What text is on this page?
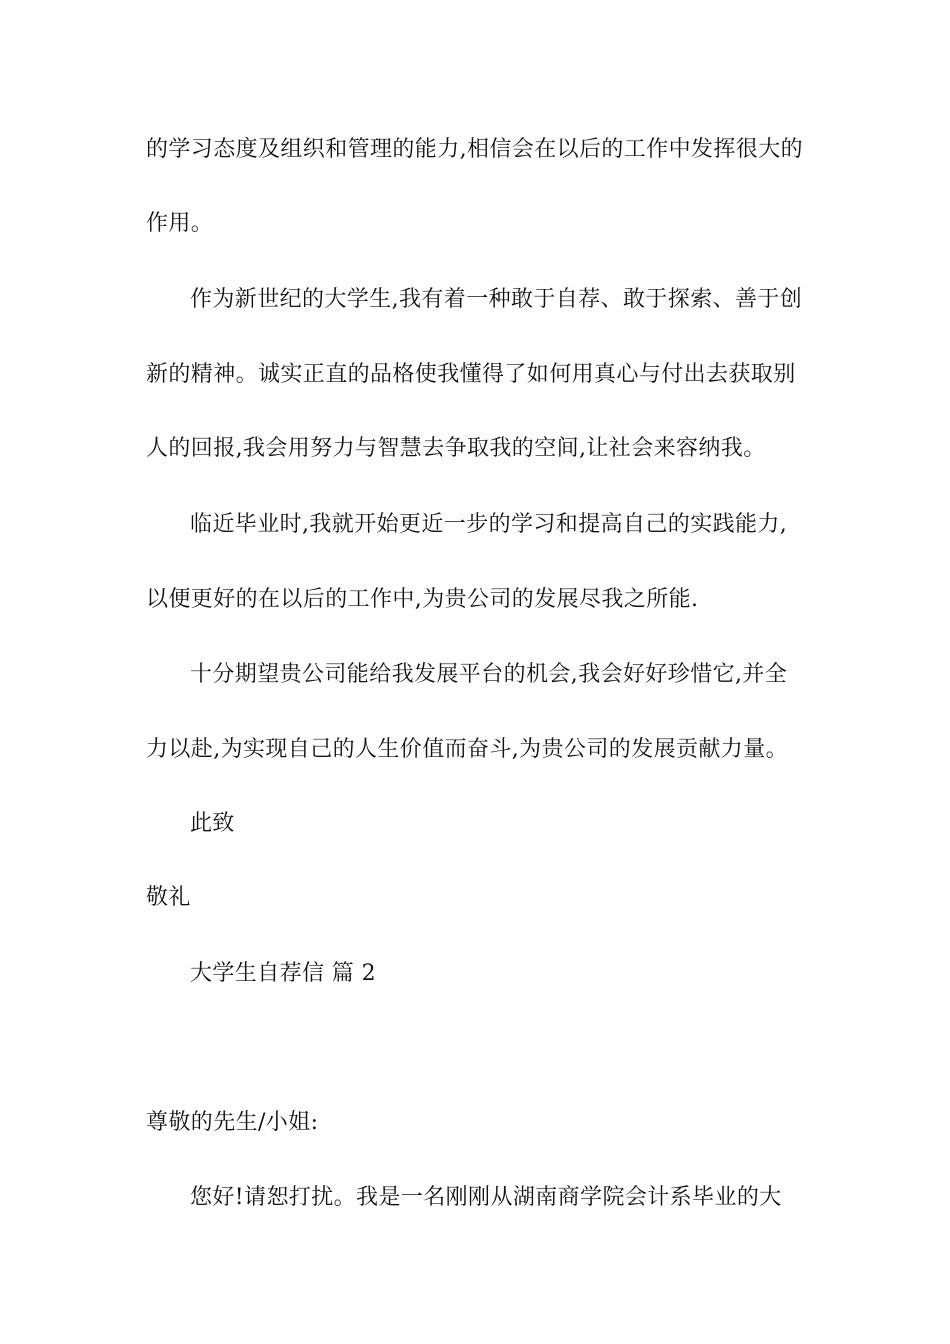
的学习态度及组织和管理的能力,相信会在以后的工作中发挥很大的
作用。
作为新世纪的大学生,我有着一种敢于自荐、敢于探索、善于创
新的精神。诚实正直的品格使我懂得了如何用真心与付出去获取别
人的回报,我会用努力与智慧去争取我的空间,让社会来容纳我。
临近毕业时,我就开始更近一步的学习和提高自己的实践能力,
以便更好的在以后的工作中,为贵公司的发展尽我之所能.
十分期望贵公司能给我发展平台的机会,我会好好珍惜它,并全
力以赴,为实现自己的人生价值而奋斗,为贵公司的发展贡献力量。
此致
敬礼
大学生自荐信 篇 2
尊敬的先生/小姐:
您好!请恕打扰。我是一名刚刚从湖南商学院会计系毕业的大
